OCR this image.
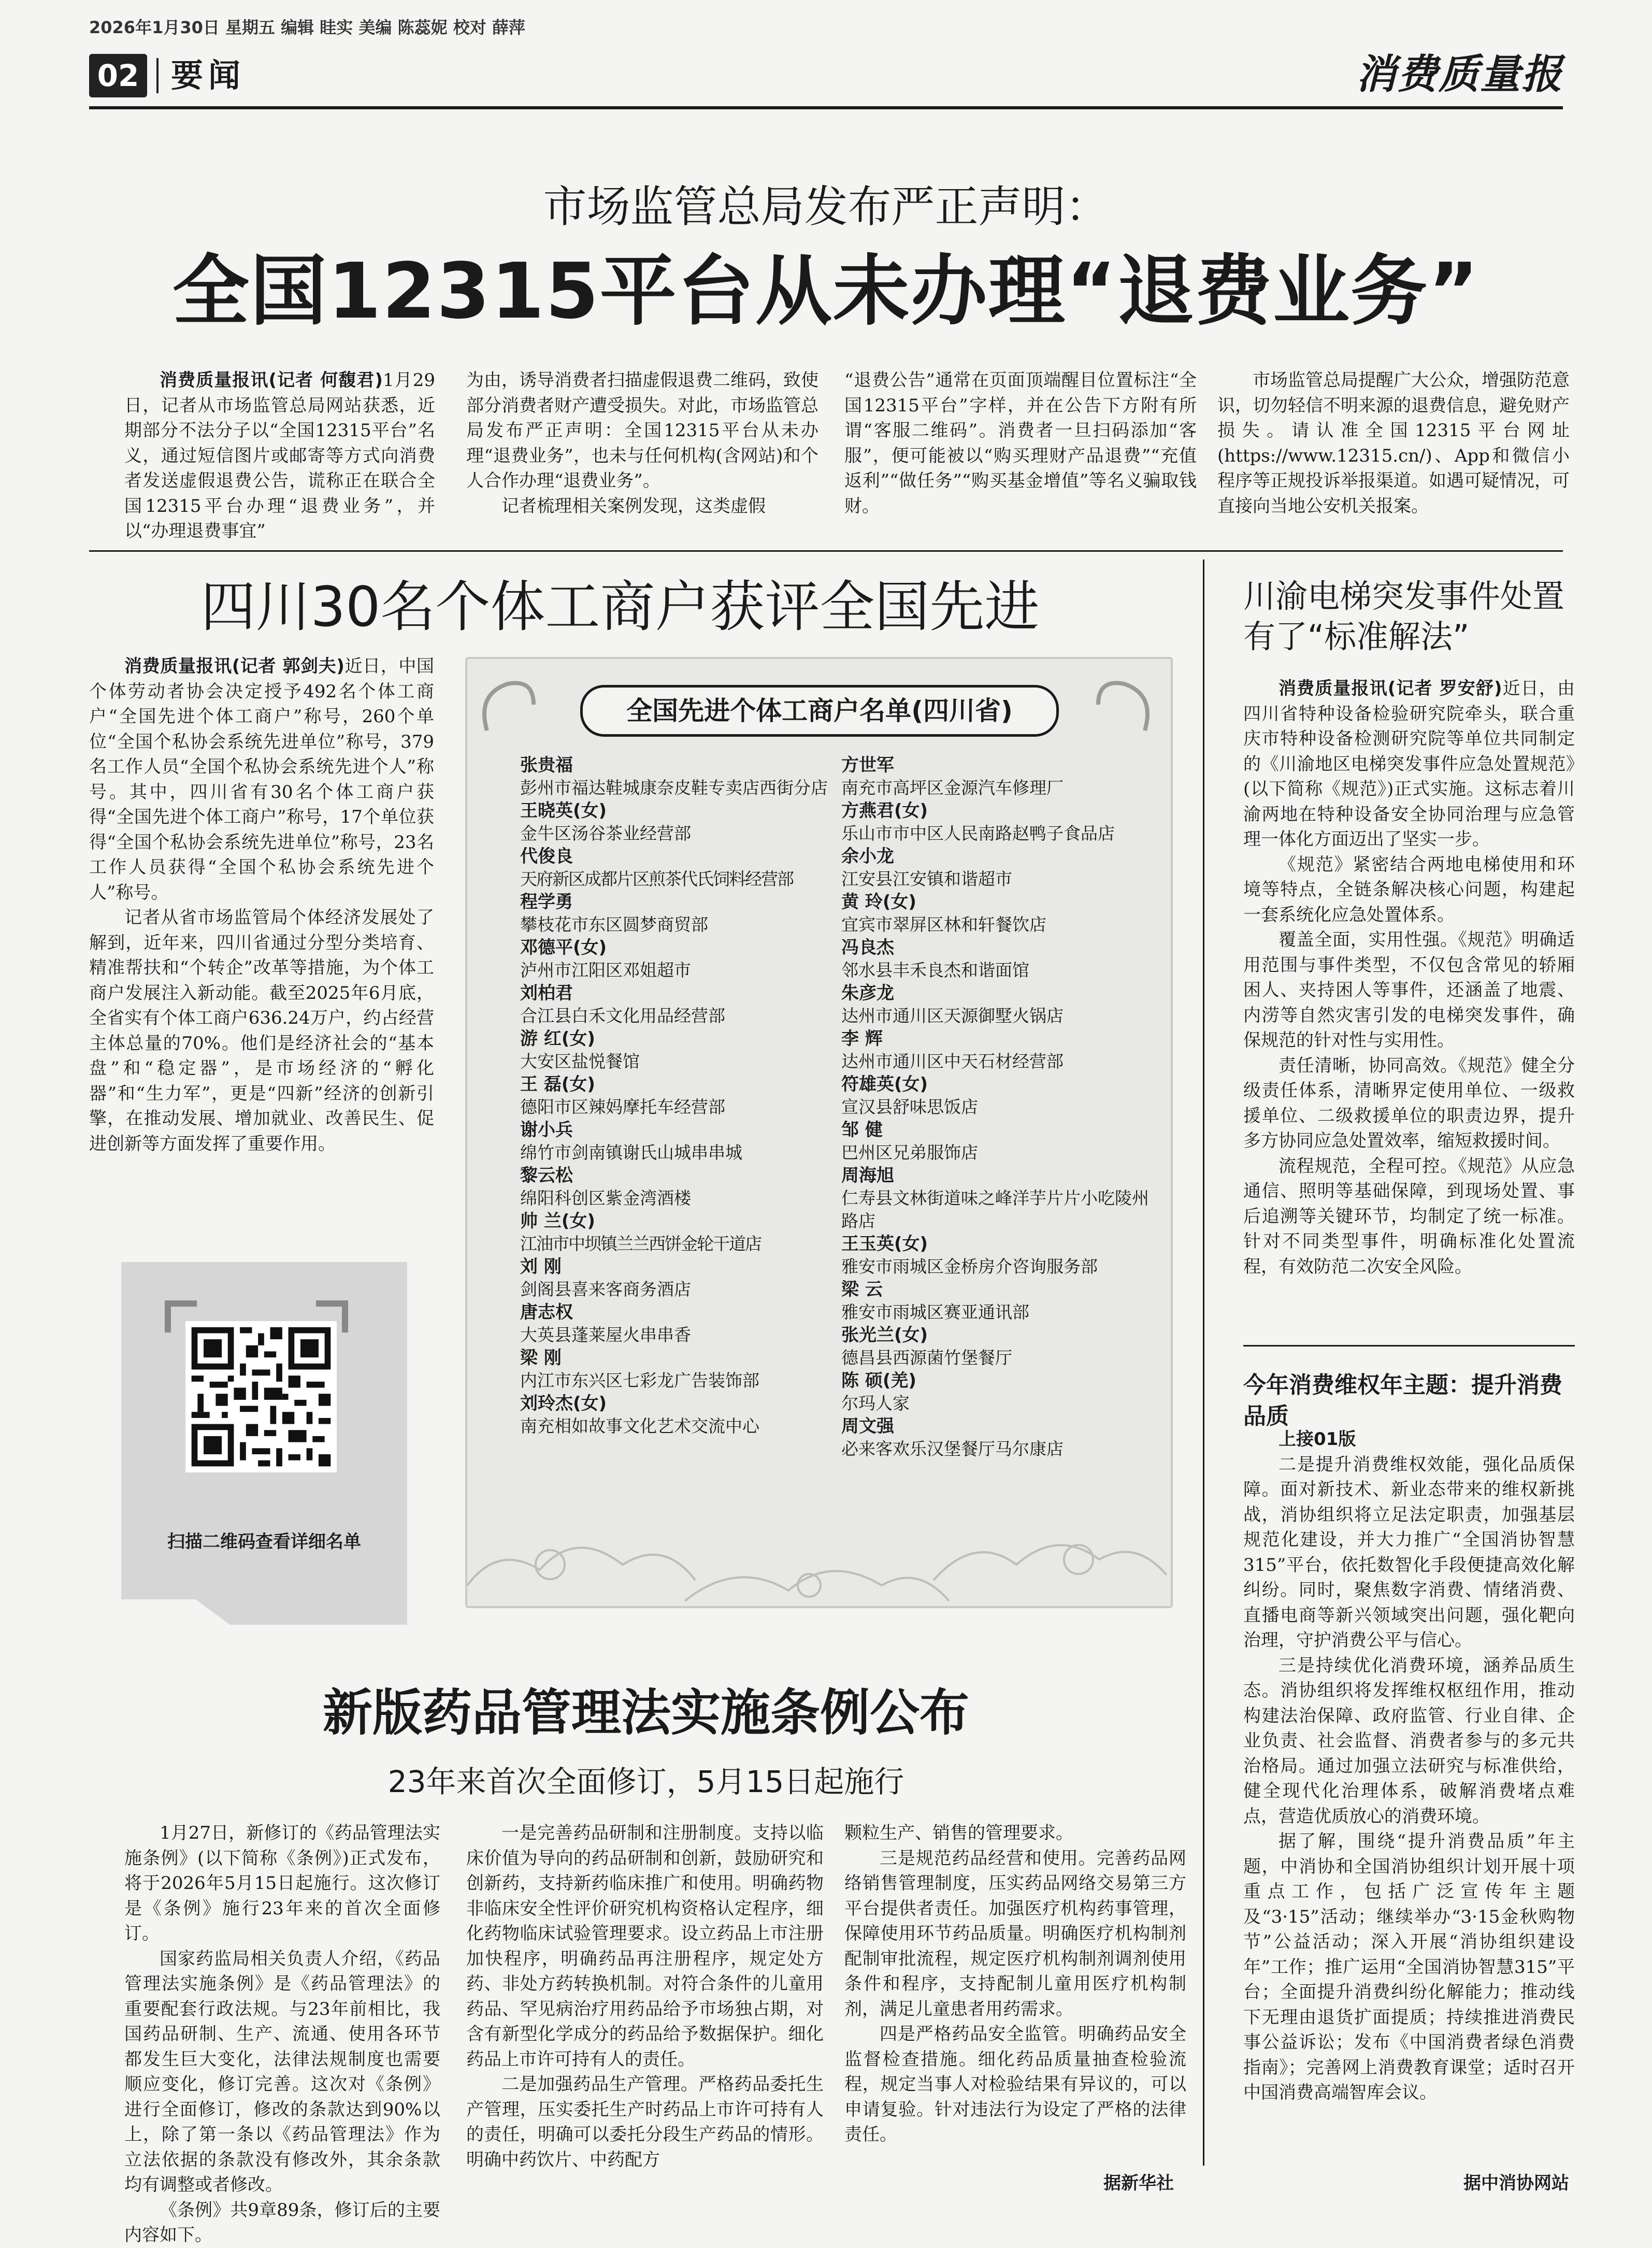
2026年1月30日 星期五 编辑 眭实 美编 陈蕊妮 校对 薛萍
02 要闻	消费质量报
市场监管总局发布严正声明：
全国12315平台从未办理“退费业务”

消费质量报讯(记者 何馥君)1月29日，记者从市场监管总局网站获悉，近期部分不法分子以“全国12315平台”名义，通过短信图片或邮寄等方式向消费者发送虚假退费公告，谎称正在联合全国12315平台办理“退费业务”，并以“办理退费事宜”

为由，诱导消费者扫描虚假退费二维码，致使部分消费者财产遭受损失。对此，市场监管总局发布严正声明：全国12315平台从未办理“退费业务”，也未与任何机构(含网站)和个人合作办理“退费业务”。

记者梳理相关案例发现，这类虚假

“退费公告”通常在页面顶端醒目位置标注“全国12315平台”字样，并在公告下方附有所谓“客服二维码”。消费者一旦扫码添加“客服”，便可能被以“购买理财产品退费”“充值返利”“做任务”“购买基金增值”等名义骗取钱财。

市场监管总局提醒广大公众，增强防范意识，切勿轻信不明来源的退费信息，避免财产损失。请认准全国12315平台网址(https://www.12315.cn/)、App和微信小程序等正规投诉举报渠道。如遇可疑情况，可直接向当地公安机关报案。

四川30名个体工商户获评全国先进

消费质量报讯(记者 郭剑夫)近日，中国个体劳动者协会决定授予492名个体工商户“全国先进个体工商户”称号，260个单位“全国个私协会系统先进单位”称号，379名工作人员“全国个私协会系统先进个人”称号。其中，四川省有30名个体工商户获得“全国先进个体工商户”称号，17个单位获得“全国个私协会系统先进单位”称号，23名工作人员获得“全国个私协会系统先进个人”称号。

记者从省市场监管局个体经济发展处了解到，近年来，四川省通过分型分类培育、精准帮扶和“个转企”改革等措施，为个体工商户发展注入新动能。截至2025年6月底，全省实有个体工商户636.24万户，约占经营主体总量的70%。他们是经济社会的“基本盘”和“稳定器”，是市场经济的“孵化器”和“生力军”，更是“四新”经济的创新引擎，在推动发展、增加就业、改善民生、促进创新等方面发挥了重要作用。

扫描二维码查看详细名单
全国先进个体工商户名单(四川省)
张贵福
彭州市福达鞋城康奈皮鞋专卖店西街分店
王晓英(女)
金牛区汤谷茶业经营部
代俊良
天府新区成都片区煎茶代氏饲料经营部
程学勇
攀枝花市东区圆梦商贸部
邓德平(女)
泸州市江阳区邓姐超市
刘柏君
合江县白禾文化用品经营部
游 红(女)
大安区盐悦餐馆
王 磊(女)
德阳市区辣妈摩托车经营部
谢小兵
绵竹市剑南镇谢氏山城串串城
黎云松
绵阳科创区紫金湾酒楼
帅 兰(女)
江油市中坝镇兰兰西饼金轮干道店
刘 刚
剑阁县喜来客商务酒店
唐志权
大英县蓬莱屋火串串香
梁 刚
内江市东兴区七彩龙广告装饰部
刘玲杰(女)
南充相如故事文化艺术交流中心
方世军
南充市高坪区金源汽车修理厂
方燕君(女)
乐山市市中区人民南路赵鸭子食品店
余小龙
江安县江安镇和谐超市
黄 玲(女)
宜宾市翠屏区林和轩餐饮店
冯良杰
邻水县丰禾良杰和谐面馆
朱彦龙
达州市通川区天源御墅火锅店
李 辉
达州市通川区中天石材经营部
符雄英(女)
宣汉县舒味思饭店
邹 健
巴州区兄弟服饰店
周海旭
仁寿县文林街道味之峰洋芋片片小吃陵州路店
王玉英(女)
雅安市雨城区金桥房介咨询服务部
梁 云
雅安市雨城区赛亚通讯部
张光兰(女)
德昌县西源菌竹堡餐厅
陈 硕(羌)
尔玛人家
周文强
必来客欢乐汉堡餐厅马尔康店
川渝电梯突发事件处置有了“标准解法”

消费质量报讯(记者 罗安舒)近日，由四川省特种设备检验研究院牵头，联合重庆市特种设备检测研究院等单位共同制定的《川渝地区电梯突发事件应急处置规范》(以下简称《规范》)正式实施。这标志着川渝两地在特种设备安全协同治理与应急管理一体化方面迈出了坚实一步。

《规范》紧密结合两地电梯使用和环境等特点，全链条解决核心问题，构建起一套系统化应急处置体系。

覆盖全面，实用性强。《规范》明确适用范围与事件类型，不仅包含常见的轿厢困人、夹持困人等事件，还涵盖了地震、内涝等自然灾害引发的电梯突发事件，确保规范的针对性与实用性。

责任清晰，协同高效。《规范》健全分级责任体系，清晰界定使用单位、一级救援单位、二级救援单位的职责边界，提升多方协同应急处置效率，缩短救援时间。

流程规范，全程可控。《规范》从应急通信、照明等基础保障，到现场处置、事后追溯等关键环节，均制定了统一标准。针对不同类型事件，明确标准化处置流程，有效防范二次安全风险。

今年消费维权年主题：提升消费品质

上接01版

二是提升消费维权效能，强化品质保障。面对新技术、新业态带来的维权新挑战，消协组织将立足法定职责，加强基层规范化建设，并大力推广“全国消协智慧315”平台，依托数智化手段便捷高效化解纠纷。同时，聚焦数字消费、情绪消费、直播电商等新兴领域突出问题，强化靶向治理，守护消费公平与信心。

三是持续优化消费环境，涵养品质生态。消协组织将发挥维权枢纽作用，推动构建法治保障、政府监管、行业自律、企业负责、社会监督、消费者参与的多元共治格局。通过加强立法研究与标准供给，健全现代化治理体系，破解消费堵点难点，营造优质放心的消费环境。

据了解，围绕“提升消费品质”年主题，中消协和全国消协组织计划开展十项重点工作，包括广泛宣传年主题及“3·15”活动；继续举办“3·15金秋购物节”公益活动；深入开展“消协组织建设年”工作；推广运用“全国消协智慧315”平台；全面提升消费纠纷化解能力；推动线下无理由退货扩面提质；持续推进消费民事公益诉讼；发布《中国消费者绿色消费指南》；完善网上消费教育课堂；适时召开中国消费高端智库会议。

据中消协网站
新版药品管理法实施条例公布
23年来首次全面修订，5月15日起施行

1月27日，新修订的《药品管理法实施条例》(以下简称《条例》)正式发布，将于2026年5月15日起施行。这次修订是《条例》施行23年来的首次全面修订。

国家药监局相关负责人介绍，《药品管理法实施条例》是《药品管理法》的重要配套行政法规。与23年前相比，我国药品研制、生产、流通、使用各环节都发生巨大变化，法律法规制度也需要顺应变化，修订完善。这次对《条例》进行全面修订，修改的条款达到90%以上，除了第一条以《药品管理法》作为立法依据的条款没有修改外，其余条款均有调整或者修改。

《条例》共9章89条，修订后的主要内容如下。

一是完善药品研制和注册制度。支持以临床价值为导向的药品研制和创新，鼓励研究和创新药，支持新药临床推广和使用。明确药物非临床安全性评价研究机构资格认定程序，细化药物临床试验管理要求。设立药品上市注册加快程序，明确药品再注册程序，规定处方药、非处方药转换机制。对符合条件的儿童用药品、罕见病治疗用药品给予市场独占期，对含有新型化学成分的药品给予数据保护。细化药品上市许可持有人的责任。

二是加强药品生产管理。严格药品委托生产管理，压实委托生产时药品上市许可持有人的责任，明确可以委托分段生产药品的情形。明确中药饮片、中药配方

颗粒生产、销售的管理要求。

三是规范药品经营和使用。完善药品网络销售管理制度，压实药品网络交易第三方平台提供者责任。加强医疗机构药事管理，保障使用环节药品质量。明确医疗机构制剂配制审批流程，规定医疗机构制剂调剂使用条件和程序，支持配制儿童用医疗机构制剂，满足儿童患者用药需求。

四是严格药品安全监管。明确药品安全监督检查措施。细化药品质量抽查检验流程，规定当事人对检验结果有异议的，可以申请复验。针对违法行为设定了严格的法律责任。

据新华社
